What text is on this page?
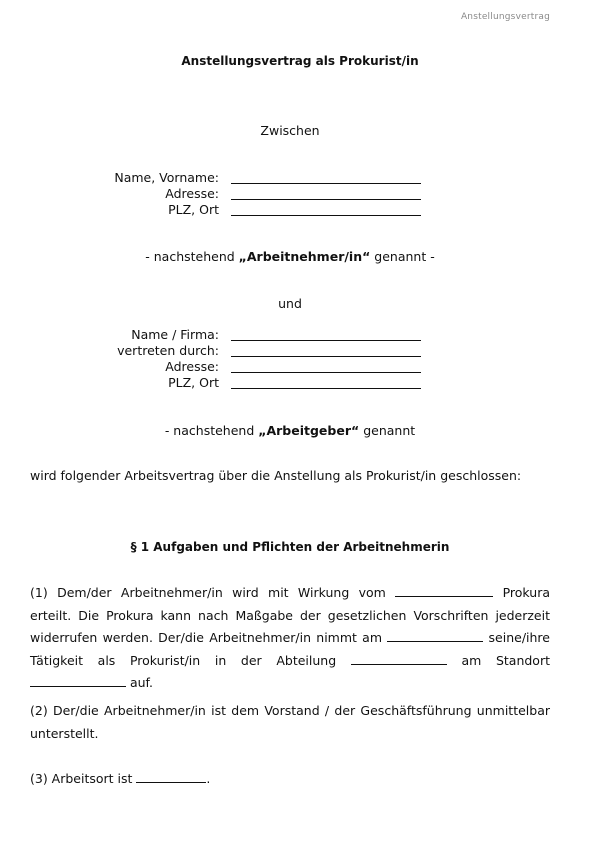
Anstellungsvertrag
Anstellungsvertrag als Prokurist/in
Zwischen
Name, Vorname:
Adresse:
PLZ, Ort
- nachstehend „Arbeitnehmer/in“ genannt -
und
Name / Firma:
vertreten durch:
Adresse:
PLZ, Ort
- nachstehend „Arbeitgeber“ genannt
wird folgender Arbeitsvertrag über die Anstellung als Prokurist/in geschlossen:
§ 1 Aufgaben und Pflichten der Arbeitnehmerin
(1) Dem/der Arbeitnehmer/in wird mit Wirkung vom	Prokura erteilt. Die Prokura kann nach Maßgabe der gesetzlichen Vorschriften jederzeit widerrufen werden. Der/die Arbeitnehmer/in nimmt am	seine/ihre Tätigkeit als Prokurist/in in der Abteilung	am Standort  auf.
(2) Der/die Arbeitnehmer/in ist dem Vorstand / der Geschäftsführung unmittelbar unterstellt.
(3) Arbeitsort ist	.
